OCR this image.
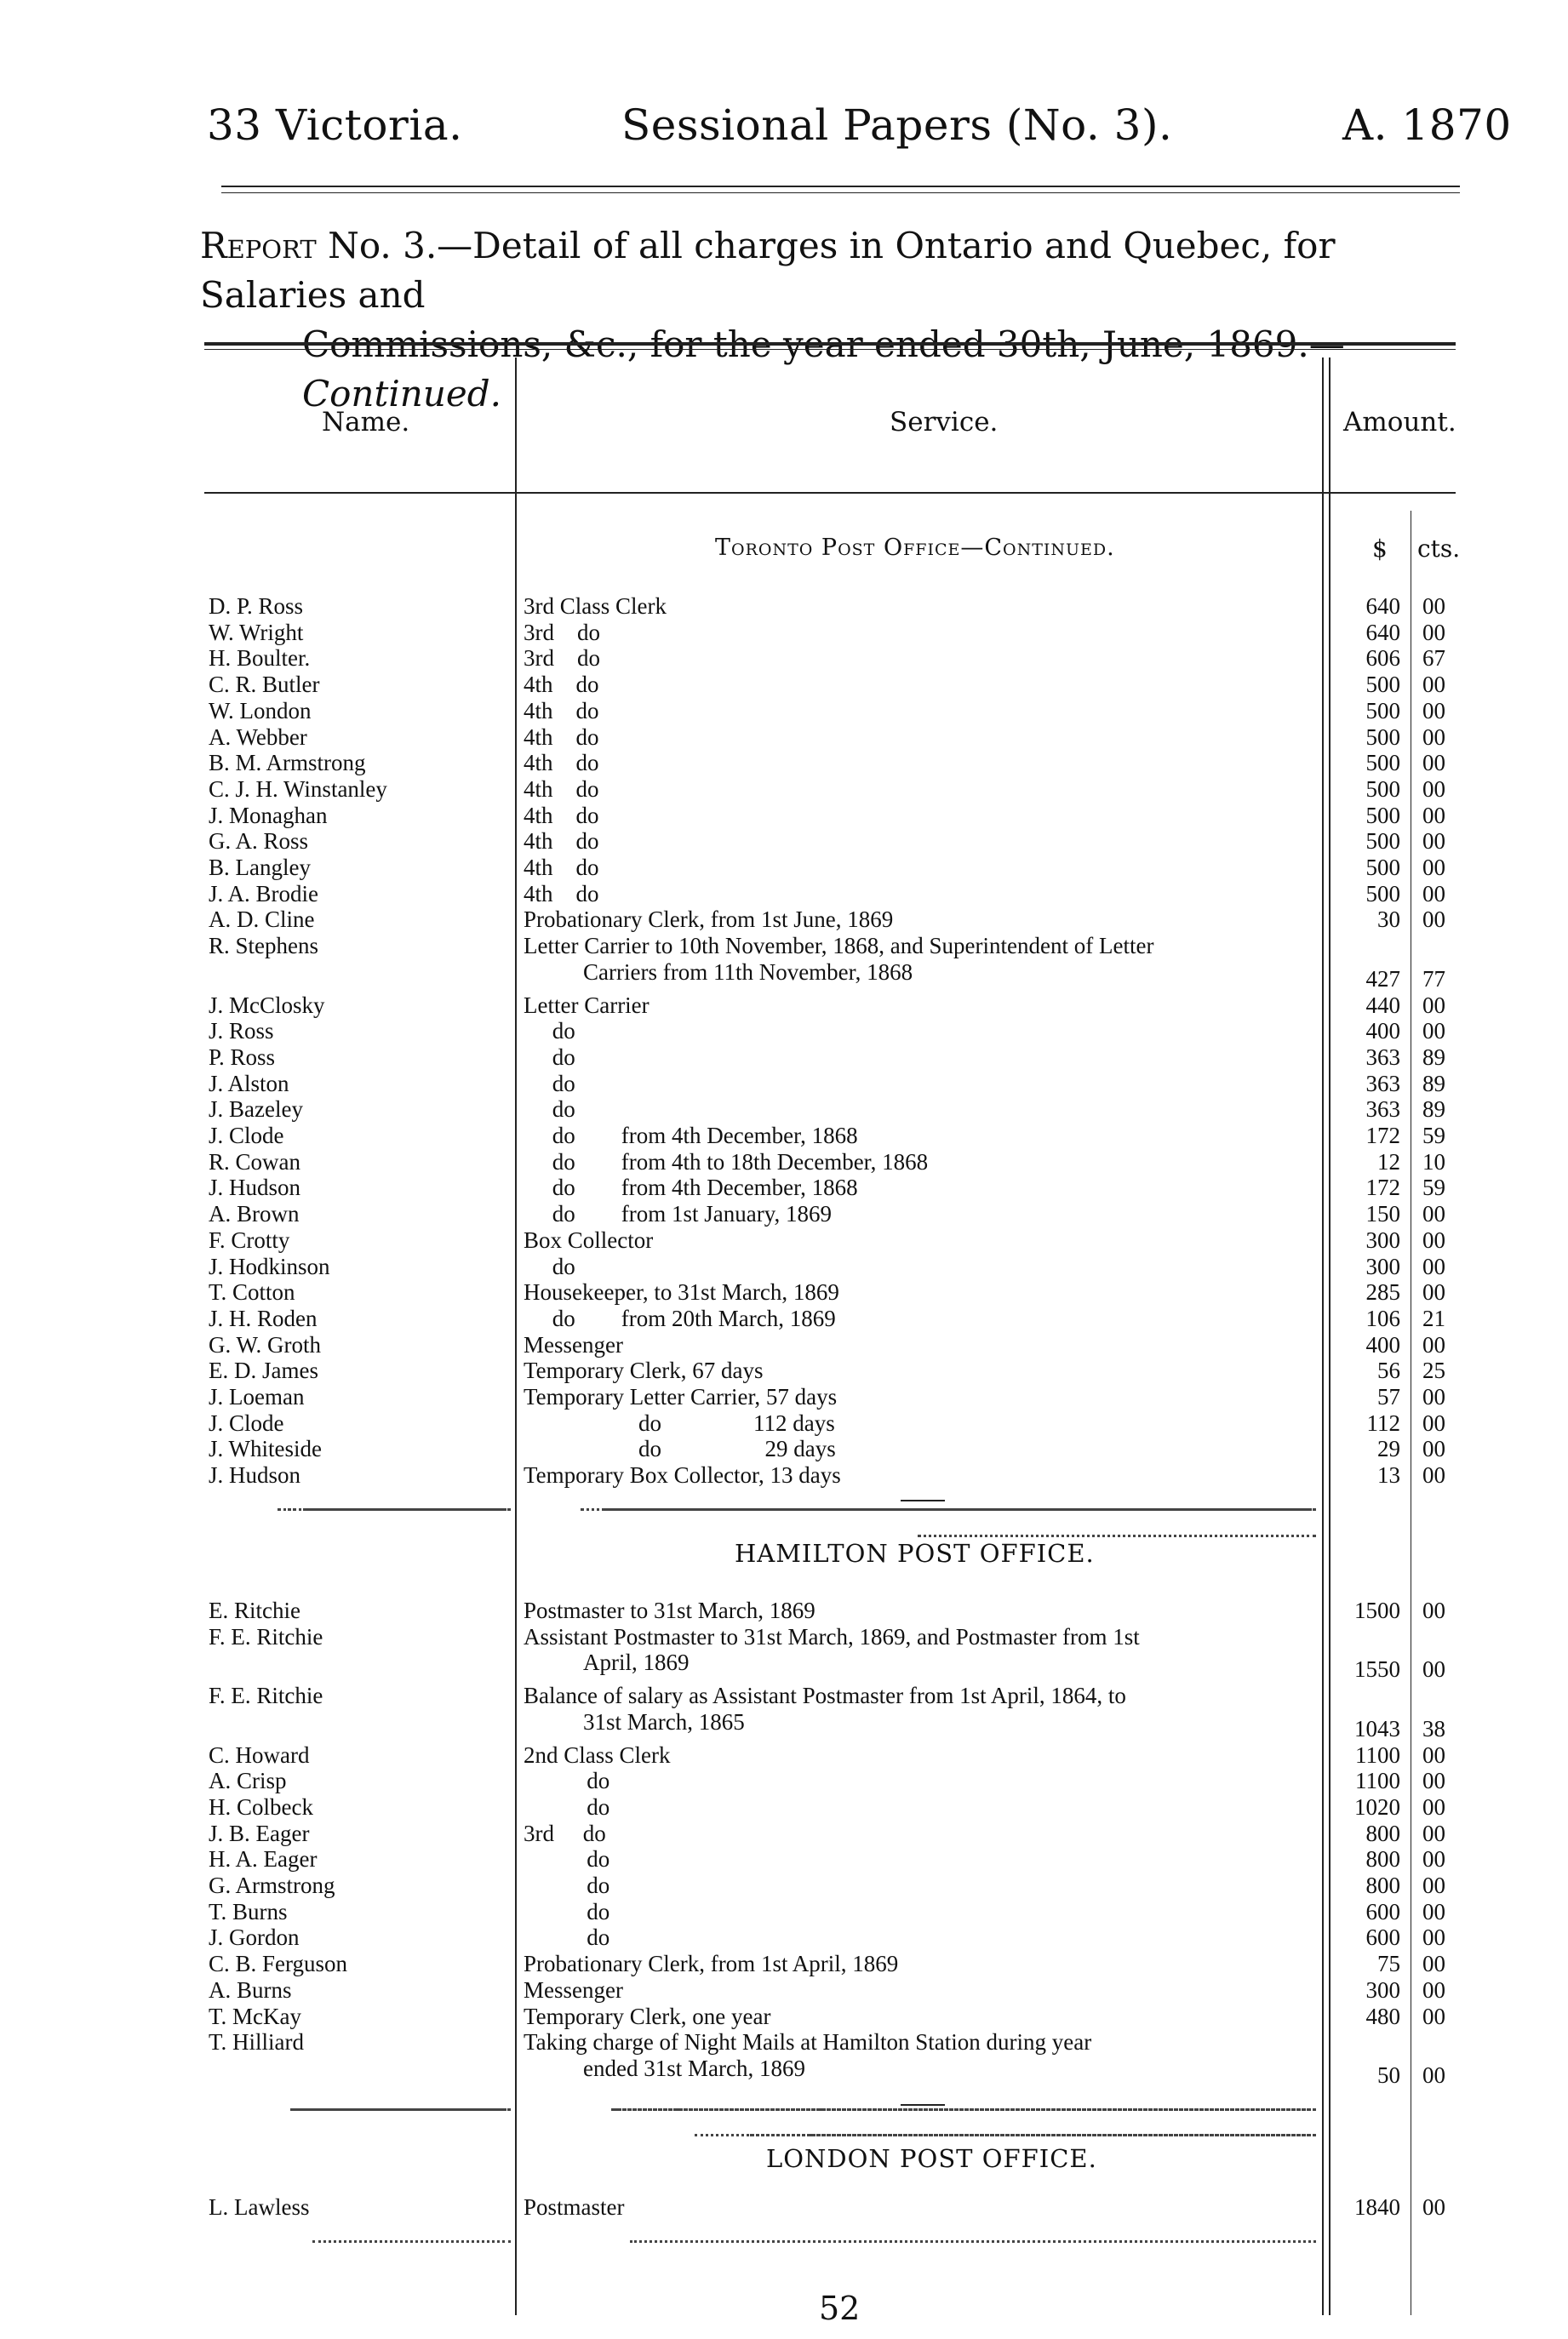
33 Victoria.	Sessional Papers (No. 3).	A. 1870
Report No. 3.—Detail of all charges in Ontario and Quebec, for Salaries and
Continued.
Name.	Service.	Amount.
$ cts.
Toronto Post Office—Continued.
HAMILTON POST OFFICE.
LONDON POST OFFICE.
D. P. Ross	3rd Class Clerk	640 00
W. Wright	3rd    do	640 00
H. Boulter.	3rd    do	606 67
C. R. Butler	4th    do	500 00
W. London	4th    do	500 00
A. Webber	4th    do	500 00
B. M. Armstrong	4th    do	500 00
C. J. H. Winstanley	4th    do	500 00
J. Monaghan	4th    do	500 00
G. A. Ross	4th    do	500 00
B. Langley	4th    do	500 00
J. A. Brodie	4th    do	500 00
A. D. Cline	Probationary Clerk, from 1st June, 1869	30 00
R. Stephens	Letter Carrier to 10th November, 1868, and Superintendent of Letter
Carriers from 11th November, 1868	427 77
J. McClosky	Letter Carrier	440 00
J. Ross	do	400 00
P. Ross	do	363 89
J. Alston	do	363 89
J. Bazeley	do	363 89
J. Clode	do        from 4th December, 1868	172 59
R. Cowan	do        from 4th to 18th December, 1868	12 10
J. Hudson	do        from 4th December, 1868	172 59
A. Brown	do        from 1st January, 1869	150 00
F. Crotty	Box Collector	300 00
J. Hodkinson	do	300 00
T. Cotton	Housekeeper, to 31st March, 1869	285 00
J. H. Roden	do        from 20th March, 1869	106 21
G. W. Groth	Messenger	400 00
E. D. James	Temporary Clerk, 67 days	56 25
J. Loeman	Temporary Letter Carrier, 57 days	57 00
J. Clode	do                112 days	112 00
J. Whiteside	do                  29 days	29 00
J. Hudson	Temporary Box Collector, 13 days	13 00
E. Ritchie	Postmaster to 31st March, 1869	1500 00
F. E. Ritchie	Assistant Postmaster to 31st March, 1869, and Postmaster from 1st
April, 1869	1550 00
F. E. Ritchie	Balance of salary as Assistant Postmaster from 1st April, 1864, to
31st March, 1865	1043 38
C. Howard	2nd Class Clerk	1100 00
A. Crisp	do	1100 00
H. Colbeck	do	1020 00
J. B. Eager	3rd     do	800 00
H. A. Eager	do	800 00
G. Armstrong	do	800 00
T. Burns	do	600 00
J. Gordon	do	600 00
C. B. Ferguson	Probationary Clerk, from 1st April, 1869	75 00
A. Burns	Messenger	300 00
T. McKay	Temporary Clerk, one year	480 00
T. Hilliard	Taking charge of Night Mails at Hamilton Station during year
ended 31st March, 1869	50 00
L. Lawless	Postmaster	1840 00
52
